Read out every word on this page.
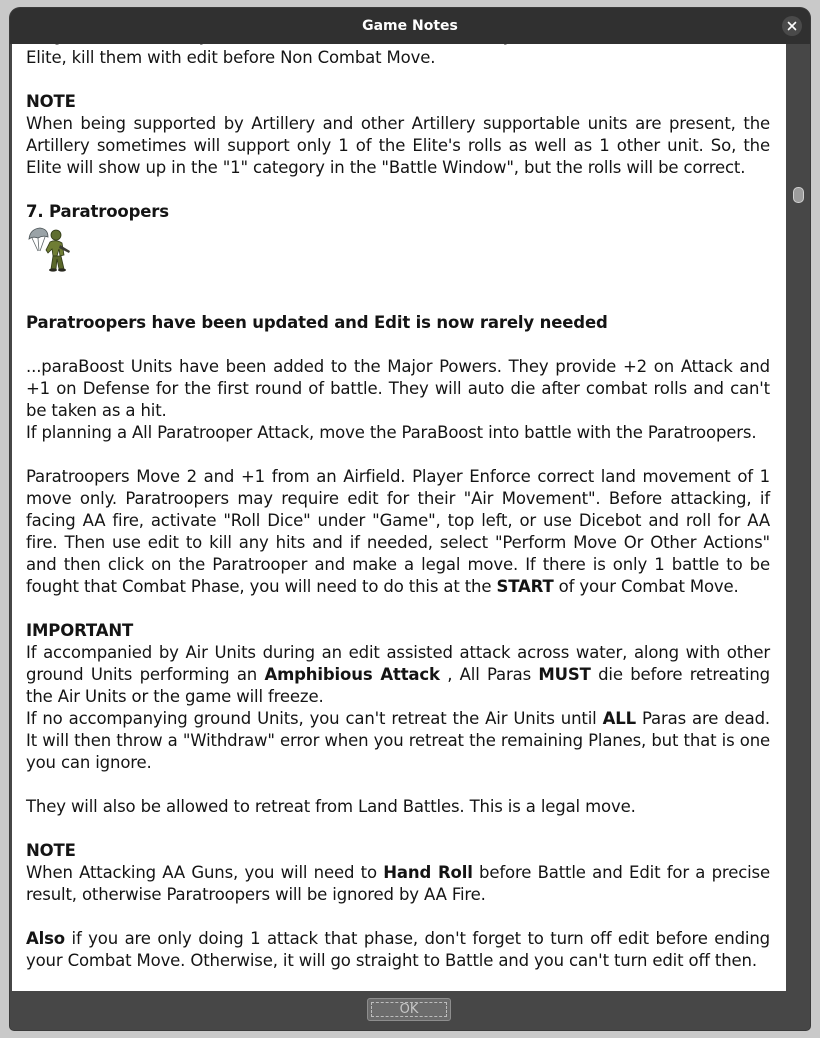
Game Notes

Elite, kill them with edit before Non Combat Move.

NOTE

When being supported by Artillery and other Artillery supportable units are present, the Artillery sometimes will support only 1 of the Elite's rolls as well as 1 other unit. So, the Elite will show up in the "1" category in the "Battle Window", but the rolls will be correct.

7. Paratroopers

Paratroopers have been updated and Edit is now rarely needed

...paraBoost Units have been added to the Major Powers. They provide +2 on Attack and +1 on Defense for the first round of battle. They will auto die after combat rolls and can't be taken as a hit.

If planning a All Paratrooper Attack, move the ParaBoost into battle with the Paratroopers.

Paratroopers Move 2 and +1 from an Airfield. Player Enforce correct land movement of 1 move only. Paratroopers may require edit for their "Air Movement". Before attacking, if facing AA fire, activate "Roll Dice" under "Game", top left, or use Dicebot and roll for AA fire. Then use edit to kill any hits and if needed, select "Perform Move Or Other Actions" and then click on the Paratrooper and make a legal move. If there is only 1 battle to be fought that Combat Phase, you will need to do this at the START of your Combat Move.

IMPORTANT

If accompanied by Air Units during an edit assisted attack across water, along with other ground Units performing an Amphibious Attack , All Paras MUST die before retreating the Air Units or the game will freeze.

If no accompanying ground Units, you can't retreat the Air Units until ALL Paras are dead. It will then throw a "Withdraw" error when you retreat the remaining Planes, but that is one you can ignore.

They will also be allowed to retreat from Land Battles. This is a legal move.

NOTE

When Attacking AA Guns, you will need to Hand Roll before Battle and Edit for a precise result, otherwise Paratroopers will be ignored by AA Fire.

Also if you are only doing 1 attack that phase, don't forget to turn off edit before ending your Combat Move. Otherwise, it will go straight to Battle and you can't turn edit off then.

OK
